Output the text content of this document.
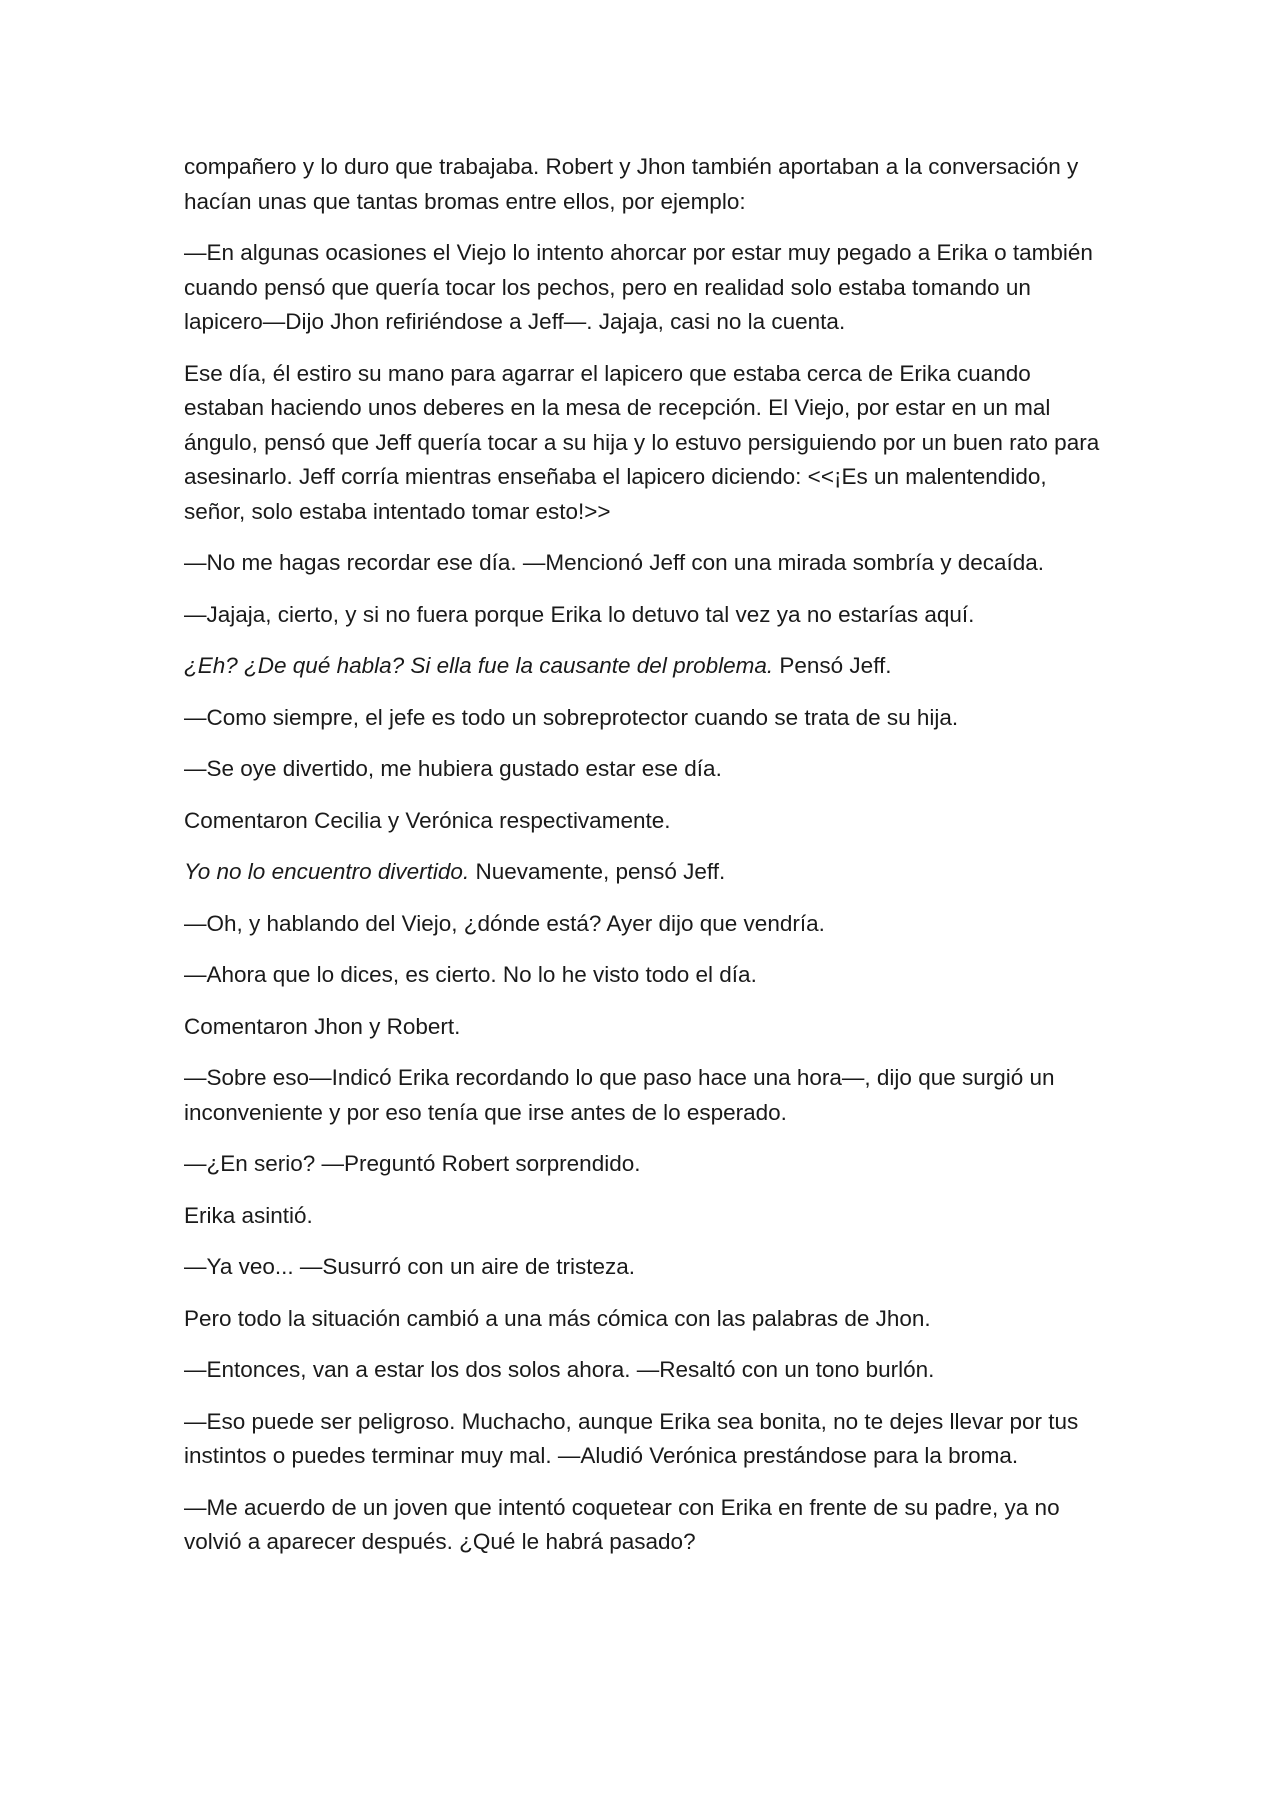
compañero y lo duro que trabajaba. Robert y Jhon también aportaban a la conversación y hacían unas que tantas bromas entre ellos, por ejemplo:

—En algunas ocasiones el Viejo lo intento ahorcar por estar muy pegado a Erika o también cuando pensó que quería tocar los pechos, pero en realidad solo estaba tomando un lapicero—Dijo Jhon refiriéndose a Jeff—. Jajaja, casi no la cuenta.

Ese día, él estiro su mano para agarrar el lapicero que estaba cerca de Erika cuando estaban haciendo unos deberes en la mesa de recepción. El Viejo, por estar en un mal ángulo, pensó que Jeff quería tocar a su hija y lo estuvo persiguiendo por un buen rato para asesinarlo. Jeff corría mientras enseñaba el lapicero diciendo: <<¡Es un malentendido, señor, solo estaba intentado tomar esto!>>

—No me hagas recordar ese día. —Mencionó Jeff con una mirada sombría y decaída.

—Jajaja, cierto, y si no fuera porque Erika lo detuvo tal vez ya no estarías aquí.

¿Eh? ¿De qué habla? Si ella fue la causante del problema. Pensó Jeff.

—Como siempre, el jefe es todo un sobreprotector cuando se trata de su hija.

—Se oye divertido, me hubiera gustado estar ese día.

Comentaron Cecilia y Verónica respectivamente.

Yo no lo encuentro divertido. Nuevamente, pensó Jeff.

—Oh, y hablando del Viejo, ¿dónde está? Ayer dijo que vendría.

—Ahora que lo dices, es cierto. No lo he visto todo el día.

Comentaron Jhon y Robert.

—Sobre eso—Indicó Erika recordando lo que paso hace una hora—, dijo que surgió un inconveniente y por eso tenía que irse antes de lo esperado.

—¿En serio? —Preguntó Robert sorprendido.

Erika asintió.

—Ya veo... —Susurró con un aire de tristeza.

Pero todo la situación cambió a una más cómica con las palabras de Jhon.

—Entonces, van a estar los dos solos ahora. —Resaltó con un tono burlón.

—Eso puede ser peligroso. Muchacho, aunque Erika sea bonita, no te dejes llevar por tus instintos o puedes terminar muy mal. —Aludió Verónica prestándose para la broma.

—Me acuerdo de un joven que intentó coquetear con Erika en frente de su padre, ya no volvió a aparecer después. ¿Qué le habrá pasado?
